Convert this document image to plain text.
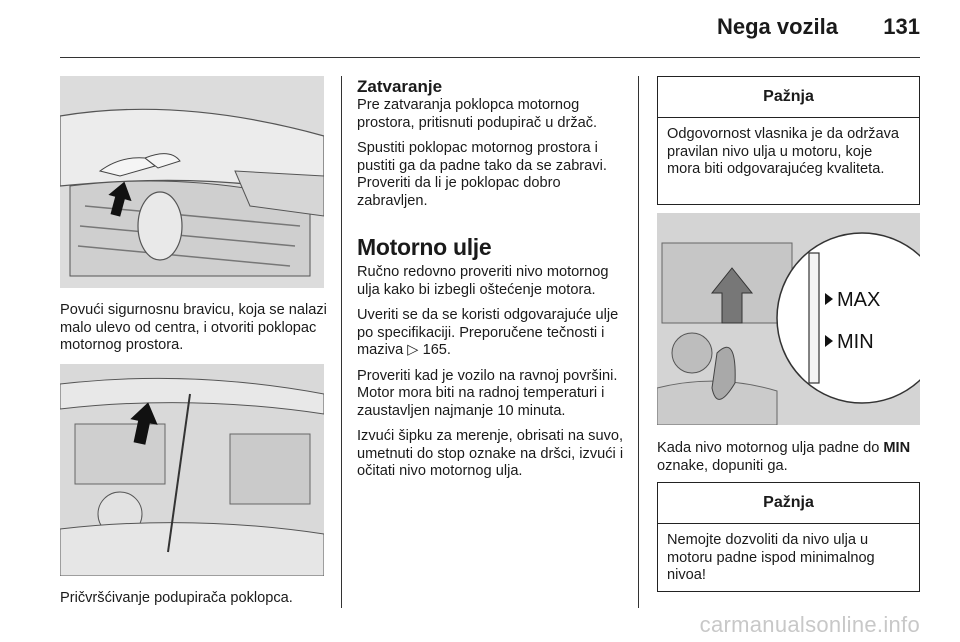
Nega vozila 131

Povući sigurnosnu bravicu, koja se nalazi malo ulevo od centra, i otvoriti poklopac motornog prostora.

Pričvršćivanje podupirača poklopca.

Zatvaranje

Pre zatvaranja poklopca motornog prostora, pritisnuti podupirač u držač.

Spustiti poklopac motornog prostora i pustiti ga da padne tako da se zabravi. Proveriti da li je poklopac dobro zabravljen.

Motorno ulje

Ručno redovno proveriti nivo motornog ulja kako bi izbegli oštećenje motora.

Uveriti se da se koristi odgovarajuće ulje po specifikaciji. Preporučene tečnosti i maziva ▷ 165.

Proveriti kad je vozilo na ravnoj površini. Motor mora biti na radnoj temperaturi i zaustavljen najmanje 10 minuta.

Izvući šipku za merenje, obrisati na suvo, umetnuti do stop oznake na dršci, izvući i očitati nivo motornog ulja.

Pažnja
Odgovornost vlasnika je da održava pravilan nivo ulja u motoru, koje mora biti odgovarajućeg kvaliteta.
MAX
MIN

Kada nivo motornog ulja padne do MIN oznake, dopuniti ga.

Pažnja
Nemojte dozvoliti da nivo ulja u motoru padne ispod minimalnog nivoa!
carmanualsonline.info
